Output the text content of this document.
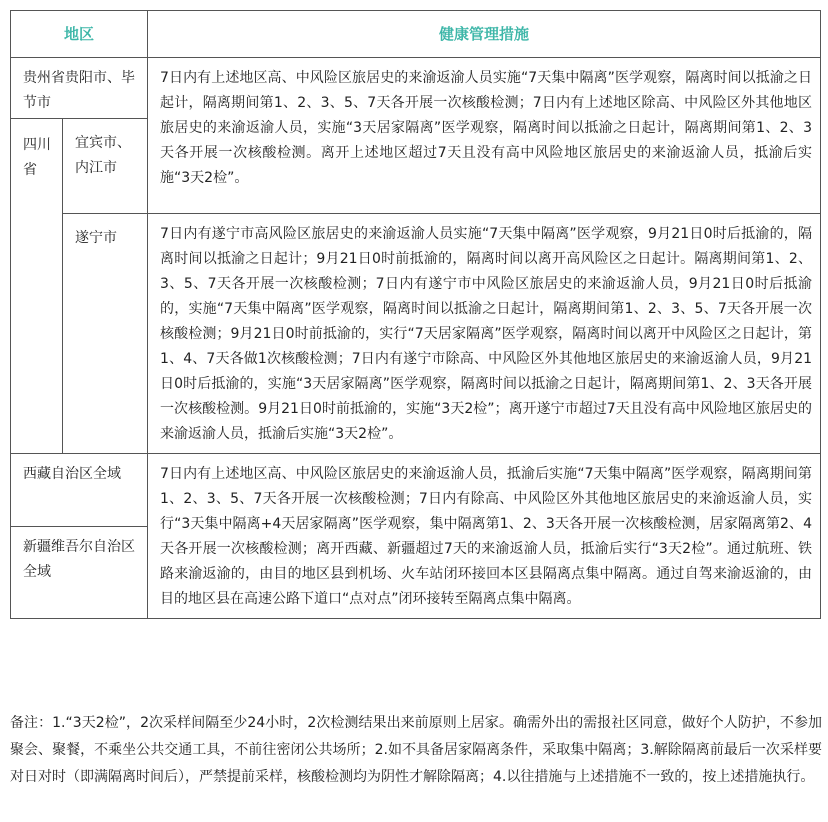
地区		健康管理措施
贵州省贵阳市、毕节市		7日内有上述地区高、中风险区旅居史的来渝返渝人员实施“7天集中隔离”医学观察，隔离时间以抵渝之日起计，隔离期间第1、2、3、5、7天各开展一次核酸检测；7日内有上述地区除高、中风险区外其他地区旅居史的来渝返渝人员，实施“3天居家隔离”医学观察，隔离时间以抵渝之日起计，隔离期间第1、2、3天各开展一次核酸检测。离开上述地区超过7天且没有高中风险地区旅居史的来渝返渝人员，抵渝后实施“3天2检”。
四川省	宜宾市、内江市	
	遂宁市	7日内有遂宁市高风险区旅居史的来渝返渝人员实施“7天集中隔离”医学观察，9月21日0时后抵渝的，隔离时间以抵渝之日起计；9月21日0时前抵渝的，隔离时间以离开高风险区之日起计。隔离期间第1、2、3、5、7天各开展一次核酸检测；7日内有遂宁市中风险区旅居史的来渝返渝人员，9月21日0时后抵渝的，实施“7天集中隔离”医学观察，隔离时间以抵渝之日起计，隔离期间第1、2、3、5、7天各开展一次核酸检测；9月21日0时前抵渝的，实行“7天居家隔离”医学观察，隔离时间以离开中风险区之日起计，第1、4、7天各做1次核酸检测；7日内有遂宁市除高、中风险区外其他地区旅居史的来渝返渝人员，9月21日0时后抵渝的，实施“3天居家隔离”医学观察，隔离时间以抵渝之日起计，隔离期间第1、2、3天各开展一次核酸检测。9月21日0时前抵渝的，实施“3天2检”；离开遂宁市超过7天且没有高中风险地区旅居史的来渝返渝人员，抵渝后实施“3天2检”。
西藏自治区全域		7日内有上述地区高、中风险区旅居史的来渝返渝人员，抵渝后实施“7天集中隔离”医学观察，隔离期间第1、2、3、5、7天各开展一次核酸检测；7日内有除高、中风险区外其他地区旅居史的来渝返渝人员，实行“3天集中隔离+4天居家隔离”医学观察，集中隔离第1、2、3天各开展一次核酸检测，居家隔离第2、4天各开展一次核酸检测；离开西藏、新疆超过7天的来渝返渝人员，抵渝后实行“3天2检”。通过航班、铁路来渝返渝的，由目的地区县到机场、火车站闭环接回本区县隔离点集中隔离。通过自驾来渝返渝的，由目的地区县在高速公路下道口“点对点”闭环接转至隔离点集中隔离。
新疆维吾尔自治区全域		
备注：1.“3天2检”，2次采样间隔至少24小时，2次检测结果出来前原则上居家。确需外出的需报社区同意，做好个人防护，不参加聚会、聚餐，不乘坐公共交通工具，不前往密闭公共场所；2.如不具备居家隔离条件，采取集中隔离；3.解除隔离前最后一次采样要对日对时（即满隔离时间后），严禁提前采样，核酸检测均为阴性才解除隔离；4.以往措施与上述措施不一致的，按上述措施执行。
